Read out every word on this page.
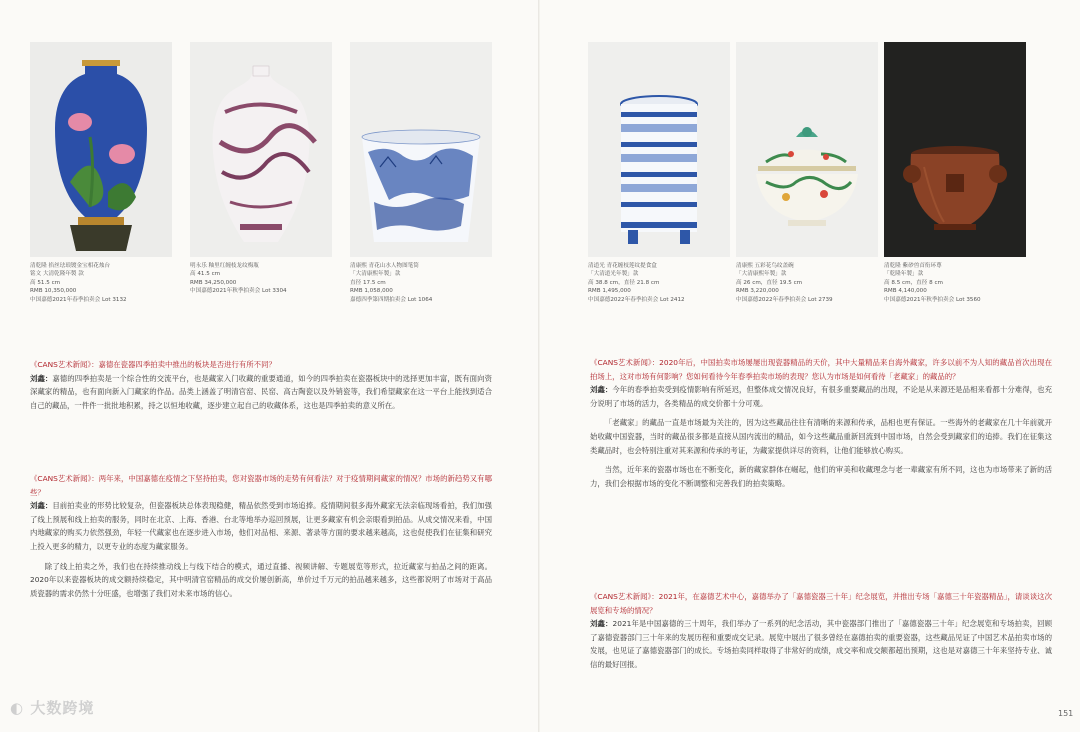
清乾隆 掐丝珐琅镀金宝相花烛台
铭文 大清乾隆年製 款
高 51.5 cm
RMB 10,350,000
中国嘉德2021年春季拍卖会 Lot 3132
明永乐 釉里红缠枝龙纹梅瓶
高 41.5 cm
RMB 34,250,000
中国嘉德2021年秋季拍卖会 Lot 3304
清康熙 青花山水人物图笔筒
「大清康熙年製」款
直径 17.5 cm
RMB 1,058,000
嘉德四季第四期拍卖会 Lot 1064
《CANS艺术新闻》：嘉德在瓷器四季拍卖中推出的板块是否进行有所不同？
刘鑫：嘉德的四季拍卖是一个综合性的交流平台，也是藏家入门收藏的重要通道，如今的四季拍卖在瓷器板块中的选择更加丰富，既有面向资深藏家的精品，也有面向新入门藏家的作品。品类上涵盖了明清官窑、民窑、高古陶瓷以及外销瓷等，我们希望藏家在这一平台上能找到适合自己的藏品，一件件一批批地积累，持之以恒地收藏，逐步建立起自己的收藏体系，这也是四季拍卖的意义所在。
《CANS艺术新闻》：两年来，中国嘉德在疫情之下坚持拍卖，您对瓷器市场的走势有何看法？对于疫情期间藏家的情况？市场的新趋势又有哪些？
刘鑫：目前拍卖业的形势比较复杂，但瓷器板块总体表现稳健，精品依然受到市场追捧。疫情期间很多海外藏家无法亲临现场看拍，我们加强了线上预展和线上拍卖的服务，同时在北京、上海、香港、台北等地举办巡回预展，让更多藏家有机会亲眼看到拍品。从成交情况来看，中国内地藏家的购买力依然强劲，年轻一代藏家也在逐步进入市场，他们对品相、来源、著录等方面的要求越来越高，这也促使我们在征集和研究上投入更多的精力，以更专业的态度为藏家服务。
除了线上拍卖之外，我们也在持续推动线上与线下结合的模式，通过直播、视频讲解、专题展览等形式，拉近藏家与拍品之间的距离。2020年以来瓷器板块的成交额持续稳定，其中明清官窑精品的成交价屡创新高，单价过千万元的拍品越来越多，这些都说明了市场对于高品质瓷器的需求仍然十分旺盛，也增强了我们对未来市场的信心。
◐ 大数跨境
清道光 青花缠枝莲纹提食盒
「大清道光年製」款
高 38.8 cm，直径 21.8 cm
RMB 1,495,000
中国嘉德2022年春季拍卖会 Lot 2412
清康熙 五彩花鸟纹盖碗
「大清康熙年製」款
高 26 cm，直径 19.5 cm
RMB 3,220,000
中国嘉德2022年春季拍卖会 Lot 2739
清乾隆 紫砂兽首衔环尊
「乾隆年製」款
高 8.5 cm，直径 8 cm
RMB 4,140,000
中国嘉德2021年秋季拍卖会 Lot 3560
《CANS艺术新闻》：2020年后，中国拍卖市场屡屡出现瓷器精品的天价，其中大量精品来自海外藏家，许多以前不为人知的藏品首次出现在拍场上，这对市场有何影响？您如何看待今年春季拍卖市场的表现？您认为市场是如何看待「老藏家」的藏品的？
刘鑫：今年的春季拍卖受到疫情影响有所延迟，但整体成交情况良好，有很多重要藏品的出现，不论是从来源还是品相来看都十分难得，也充分说明了市场的活力，各类精品的成交价都十分可观。
「老藏家」的藏品一直是市场最为关注的，因为这些藏品往往有清晰的来源和传承，品相也更有保证。一些海外的老藏家在几十年前就开始收藏中国瓷器，当时的藏品很多都是直接从国内流出的精品，如今这些藏品重新回流到中国市场，自然会受到藏家们的追捧。我们在征集这类藏品时，也会特别注重对其来源和传承的考证，为藏家提供详尽的资料，让他们能够放心购买。
当然，近年来的瓷器市场也在不断变化，新的藏家群体在崛起，他们的审美和收藏理念与老一辈藏家有所不同，这也为市场带来了新的活力，我们会根据市场的变化不断调整和完善我们的拍卖策略。
《CANS艺术新闻》：2021年，在嘉德艺术中心，嘉德举办了「嘉德瓷器三十年」纪念展览，并推出专场「嘉德三十年瓷器精品」，请谈谈这次展览和专场的情况？
刘鑫：2021年是中国嘉德的三十周年，我们举办了一系列的纪念活动，其中瓷器部门推出了「嘉德瓷器三十年」纪念展览和专场拍卖，回顾了嘉德瓷器部门三十年来的发展历程和重要成交记录。展览中展出了很多曾经在嘉德拍卖的重要瓷器，这些藏品见证了中国艺术品拍卖市场的发展，也见证了嘉德瓷器部门的成长。专场拍卖同样取得了非常好的成绩，成交率和成交额都超出预期，这也是对嘉德三十年来坚持专业、诚信的最好回报。
151
